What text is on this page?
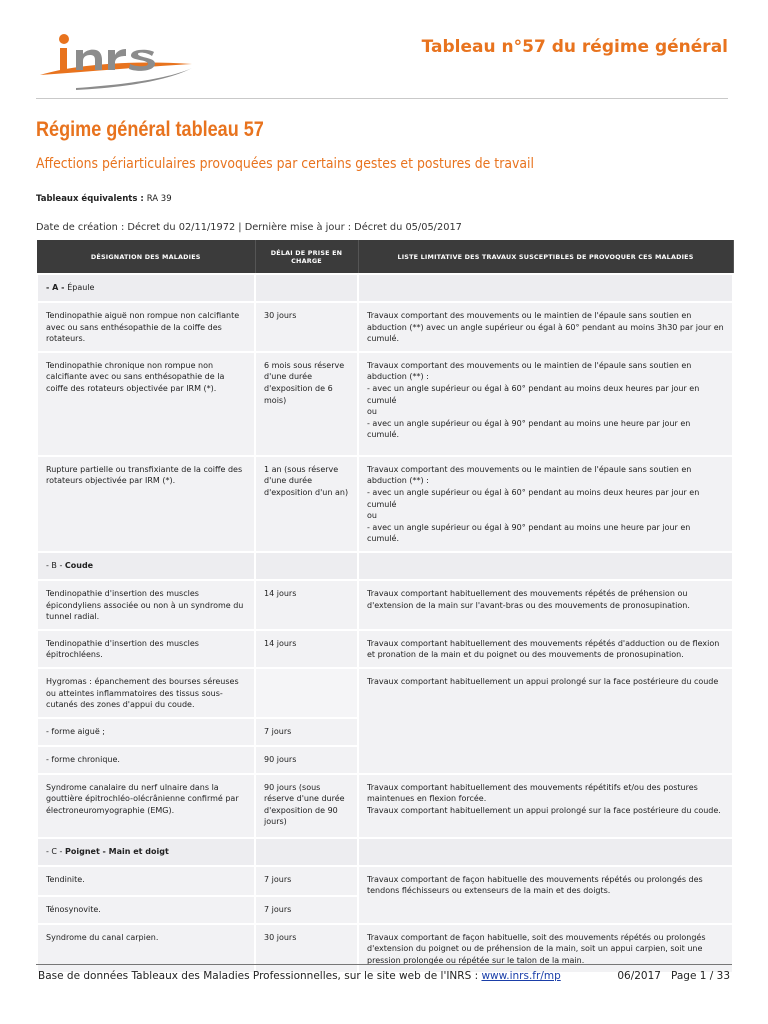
Tableau n°57 du régime général
Régime général tableau 57
Affections périarticulaires provoquées par certains gestes et postures de travail
Tableaux équivalents : RA 39
Date de création : Décret du 02/11/1972 | Dernière mise à jour : Décret du 05/05/2017
DÉSIGNATION DES MALADIES	DÉLAI DE PRISE EN CHARGE	LISTE LIMITATIVE DES TRAVAUX SUSCEPTIBLES DE PROVOQUER CES MALADIES
- A - Épaule		
Tendinopathie aiguë non rompue non calcifiante avec ou sans enthésopathie de la coiffe des rotateurs.	30 jours	Travaux comportant des mouvements ou le maintien de l'épaule sans soutien en abduction (**) avec un angle supérieur ou égal à 60° pendant au moins 3h30 par jour en cumulé.
Tendinopathie chronique non rompue non calcifiante avec ou sans enthésopathie de la coiffe des rotateurs objectivée par IRM (*).	6 mois sous réserve d'une durée d'exposition de 6 mois)	Travaux comportant des mouvements ou le maintien de l'épaule sans soutien en abduction (**) :
- avec un angle supérieur ou égal à 60° pendant au moins deux heures par jour en cumulé
ou
- avec un angle supérieur ou égal à 90° pendant au moins une heure par jour en cumulé.

Rupture partielle ou transfixiante de la coiffe des rotateurs objectivée par IRM (*).	1 an (sous réserve d'une durée d'exposition d'un an)	Travaux comportant des mouvements ou le maintien de l'épaule sans soutien en abduction (**) :
- avec un angle supérieur ou égal à 60° pendant au moins deux heures par jour en cumulé
ou
- avec un angle supérieur ou égal à 90° pendant au moins une heure par jour en cumulé.

- B - Coude		
Tendinopathie d'insertion des muscles épicondyliens associée ou non à un syndrome du tunnel radial.	14 jours	Travaux comportant habituellement des mouvements répétés de préhension ou d'extension de la main sur l'avant-bras ou des mouvements de pronosupination.
Tendinopathie d'insertion des muscles épitrochléens.	14 jours	Travaux comportant habituellement des mouvements répétés d'adduction ou de flexion et pronation de la main et du poignet ou des mouvements de pronosupination.
Hygromas : épanchement des bourses séreuses ou atteintes inflammatoires des tissus sous-cutanés des zones d'appui du coude.		Travaux comportant habituellement un appui prolongé sur la face postérieure du coude
- forme aiguë ;	7 jours	
- forme chronique.	90 jours	
Syndrome canalaire du nerf ulnaire dans la gouttière épitrochléo-olécrânienne confirmé par électroneuromyographie (EMG).	90 jours (sous réserve d'une durée d'exposition de 90 jours)	Travaux comportant habituellement des mouvements répétitifs et/ou des postures maintenues en flexion forcée.
Travaux comportant habituellement un appui prolongé sur la face postérieure du coude.

- C - Poignet - Main et doigt		
Tendinite.	7 jours	Travaux comportant de façon habituelle des mouvements répétés ou prolongés des tendons fléchisseurs ou extenseurs de la main et des doigts.
Ténosynovite.	7 jours	
Syndrome du canal carpien.	30 jours	Travaux comportant de façon habituelle, soit des mouvements répétés ou prolongés d'extension du poignet ou de préhension de la main, soit un appui carpien, soit une pression prolongée ou répétée sur le talon de la main.
Base de données Tableaux des Maladies Professionnelles, sur le site web de l'INRS : www.inrs.fr/mp	06/2017 Page 1 / 33
